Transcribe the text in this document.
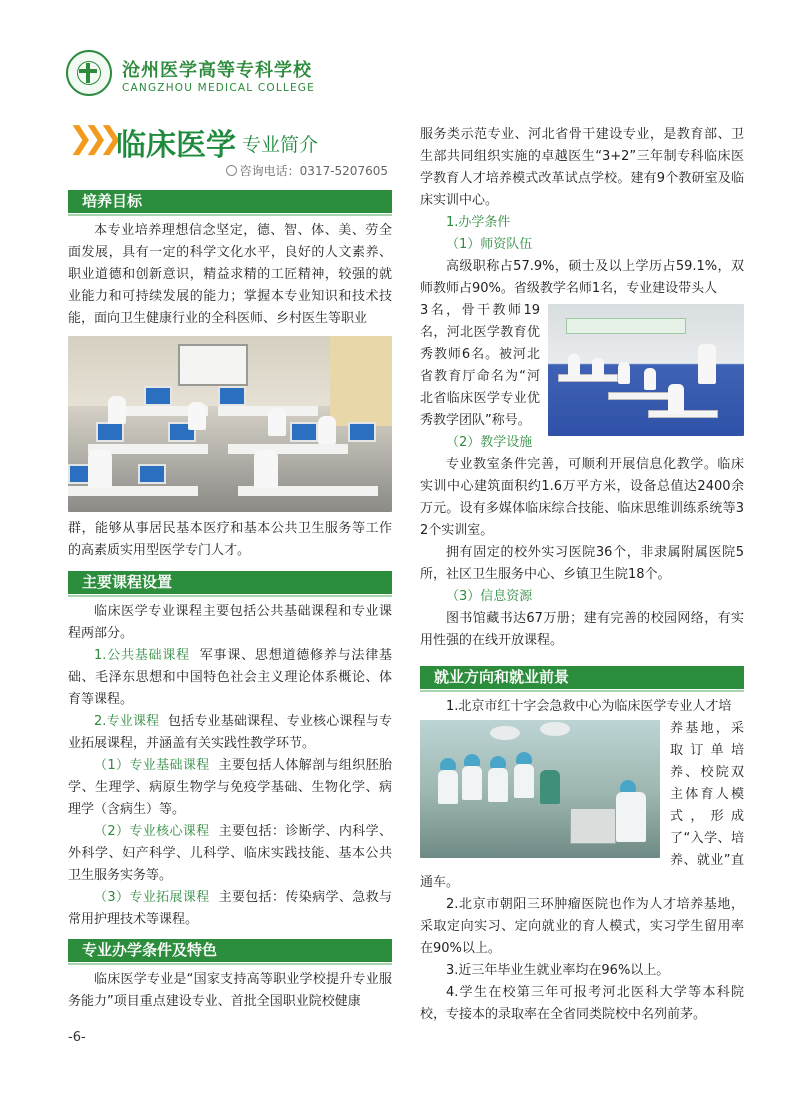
沧州医学高等专科学校
CANGZHOU MEDICAL COLLEGE
❯❯❯ 临床医学 专业简介
咨询电话：0317-5207605
培养目标

本专业培养理想信念坚定，德、智、体、美、劳全面发展，具有一定的科学文化水平，良好的人文素养、职业道德和创新意识，精益求精的工匠精神，较强的就业能力和可持续发展的能力；掌握本专业知识和技术技能，面向卫生健康行业的全科医师、乡村医生等职业

群，能够从事居民基本医疗和基本公共卫生服务等工作的高素质实用型医学专门人才。

主要课程设置

临床医学专业课程主要包括公共基础课程和专业课程两部分。

1.公共基础课程 军事课、思想道德修养与法律基础、毛泽东思想和中国特色社会主义理论体系概论、体育等课程。

2.专业课程 包括专业基础课程、专业核心课程与专业拓展课程，并涵盖有关实践性教学环节。

（1）专业基础课程 主要包括人体解剖与组织胚胎学、生理学、病原生物学与免疫学基础、生物化学、病理学（含病生）等。

（2）专业核心课程 主要包括：诊断学、内科学、外科学、妇产科学、儿科学、临床实践技能、基本公共卫生服务实务等。

（3）专业拓展课程 主要包括：传染病学、急救与常用护理技术等课程。

专业办学条件及特色

临床医学专业是“国家支持高等职业学校提升专业服务能力”项目重点建设专业、首批全国职业院校健康

服务类示范专业、河北省骨干建设专业，是教育部、卫生部共同组织实施的卓越医生“3+2”三年制专科临床医学教育人才培养模式改革试点学校。建有9个教研室及临床实训中心。

1.办学条件

（1）师资队伍

高级职称占57.9%，硕士及以上学历占59.1%，双师教师占90%。省级教学名师1名，专业建设带头人

3名，骨干教师19名，河北医学教育优秀教师6名。被河北省教育厅命名为“河北省临床医学专业优秀教学团队”称号。

（2）教学设施

专业教室条件完善，可顺利开展信息化教学。临床实训中心建筑面积约1.6万平方米，设备总值达2400余万元。设有多媒体临床综合技能、临床思维训练系统等32个实训室。

拥有固定的校外实习医院36个，非隶属附属医院5所，社区卫生服务中心、乡镇卫生院18个。

（3）信息资源

图书馆藏书达67万册；建有完善的校园网络，有实用性强的在线开放课程。

就业方向和就业前景

1.北京市红十字会急救中心为临床医学专业人才培

养基地，采取订单培养、校院双主体育人模式，形成了“入学、培养、就业”直通车。

2.北京市朝阳三环肿瘤医院也作为人才培养基地，采取定向实习、定向就业的育人模式，实习学生留用率在90%以上。

3.近三年毕业生就业率均在96%以上。

4.学生在校第三年可报考河北医科大学等本科院校，专接本的录取率在全省同类院校中名列前茅。

-6-
